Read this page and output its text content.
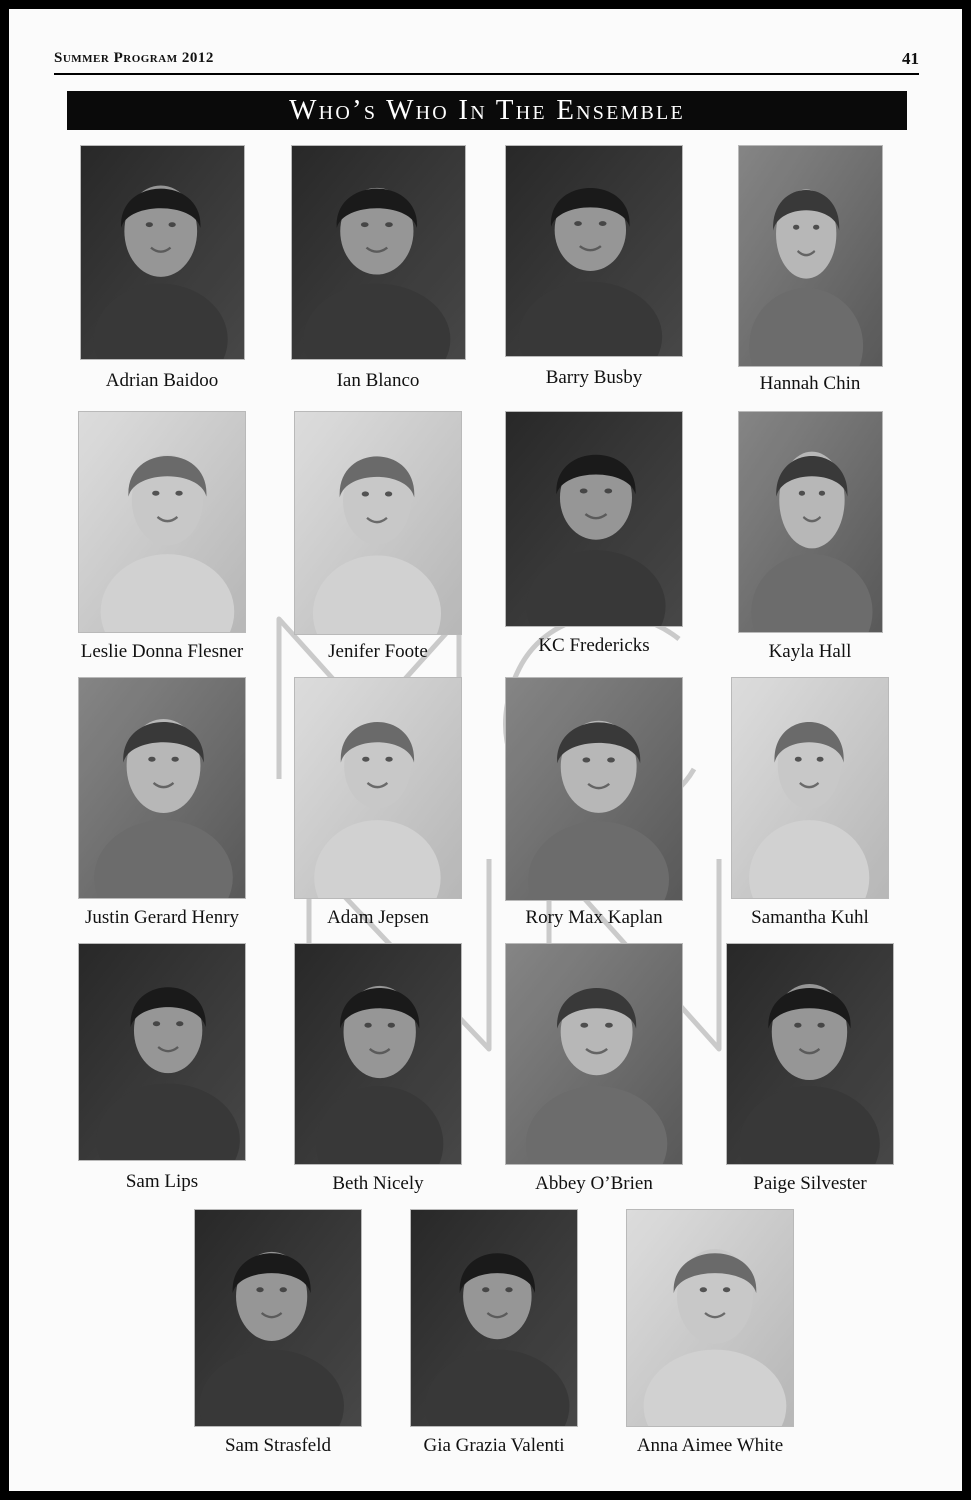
Summer Program 2012	41
Who’s Who In The Ensemble
Adrian Baidoo	Ian Blanco	Barry Busby	Hannah Chin
Leslie Donna Flesner	Jenifer Foote	KC Fredericks	Kayla Hall
Justin Gerard Henry	Adam Jepsen	Rory Max Kaplan	Samantha Kuhl
Sam Lips	Beth Nicely	Abbey O’Brien	Paige Silvester
Sam Strasfeld	Gia Grazia Valenti	Anna Aimee White
